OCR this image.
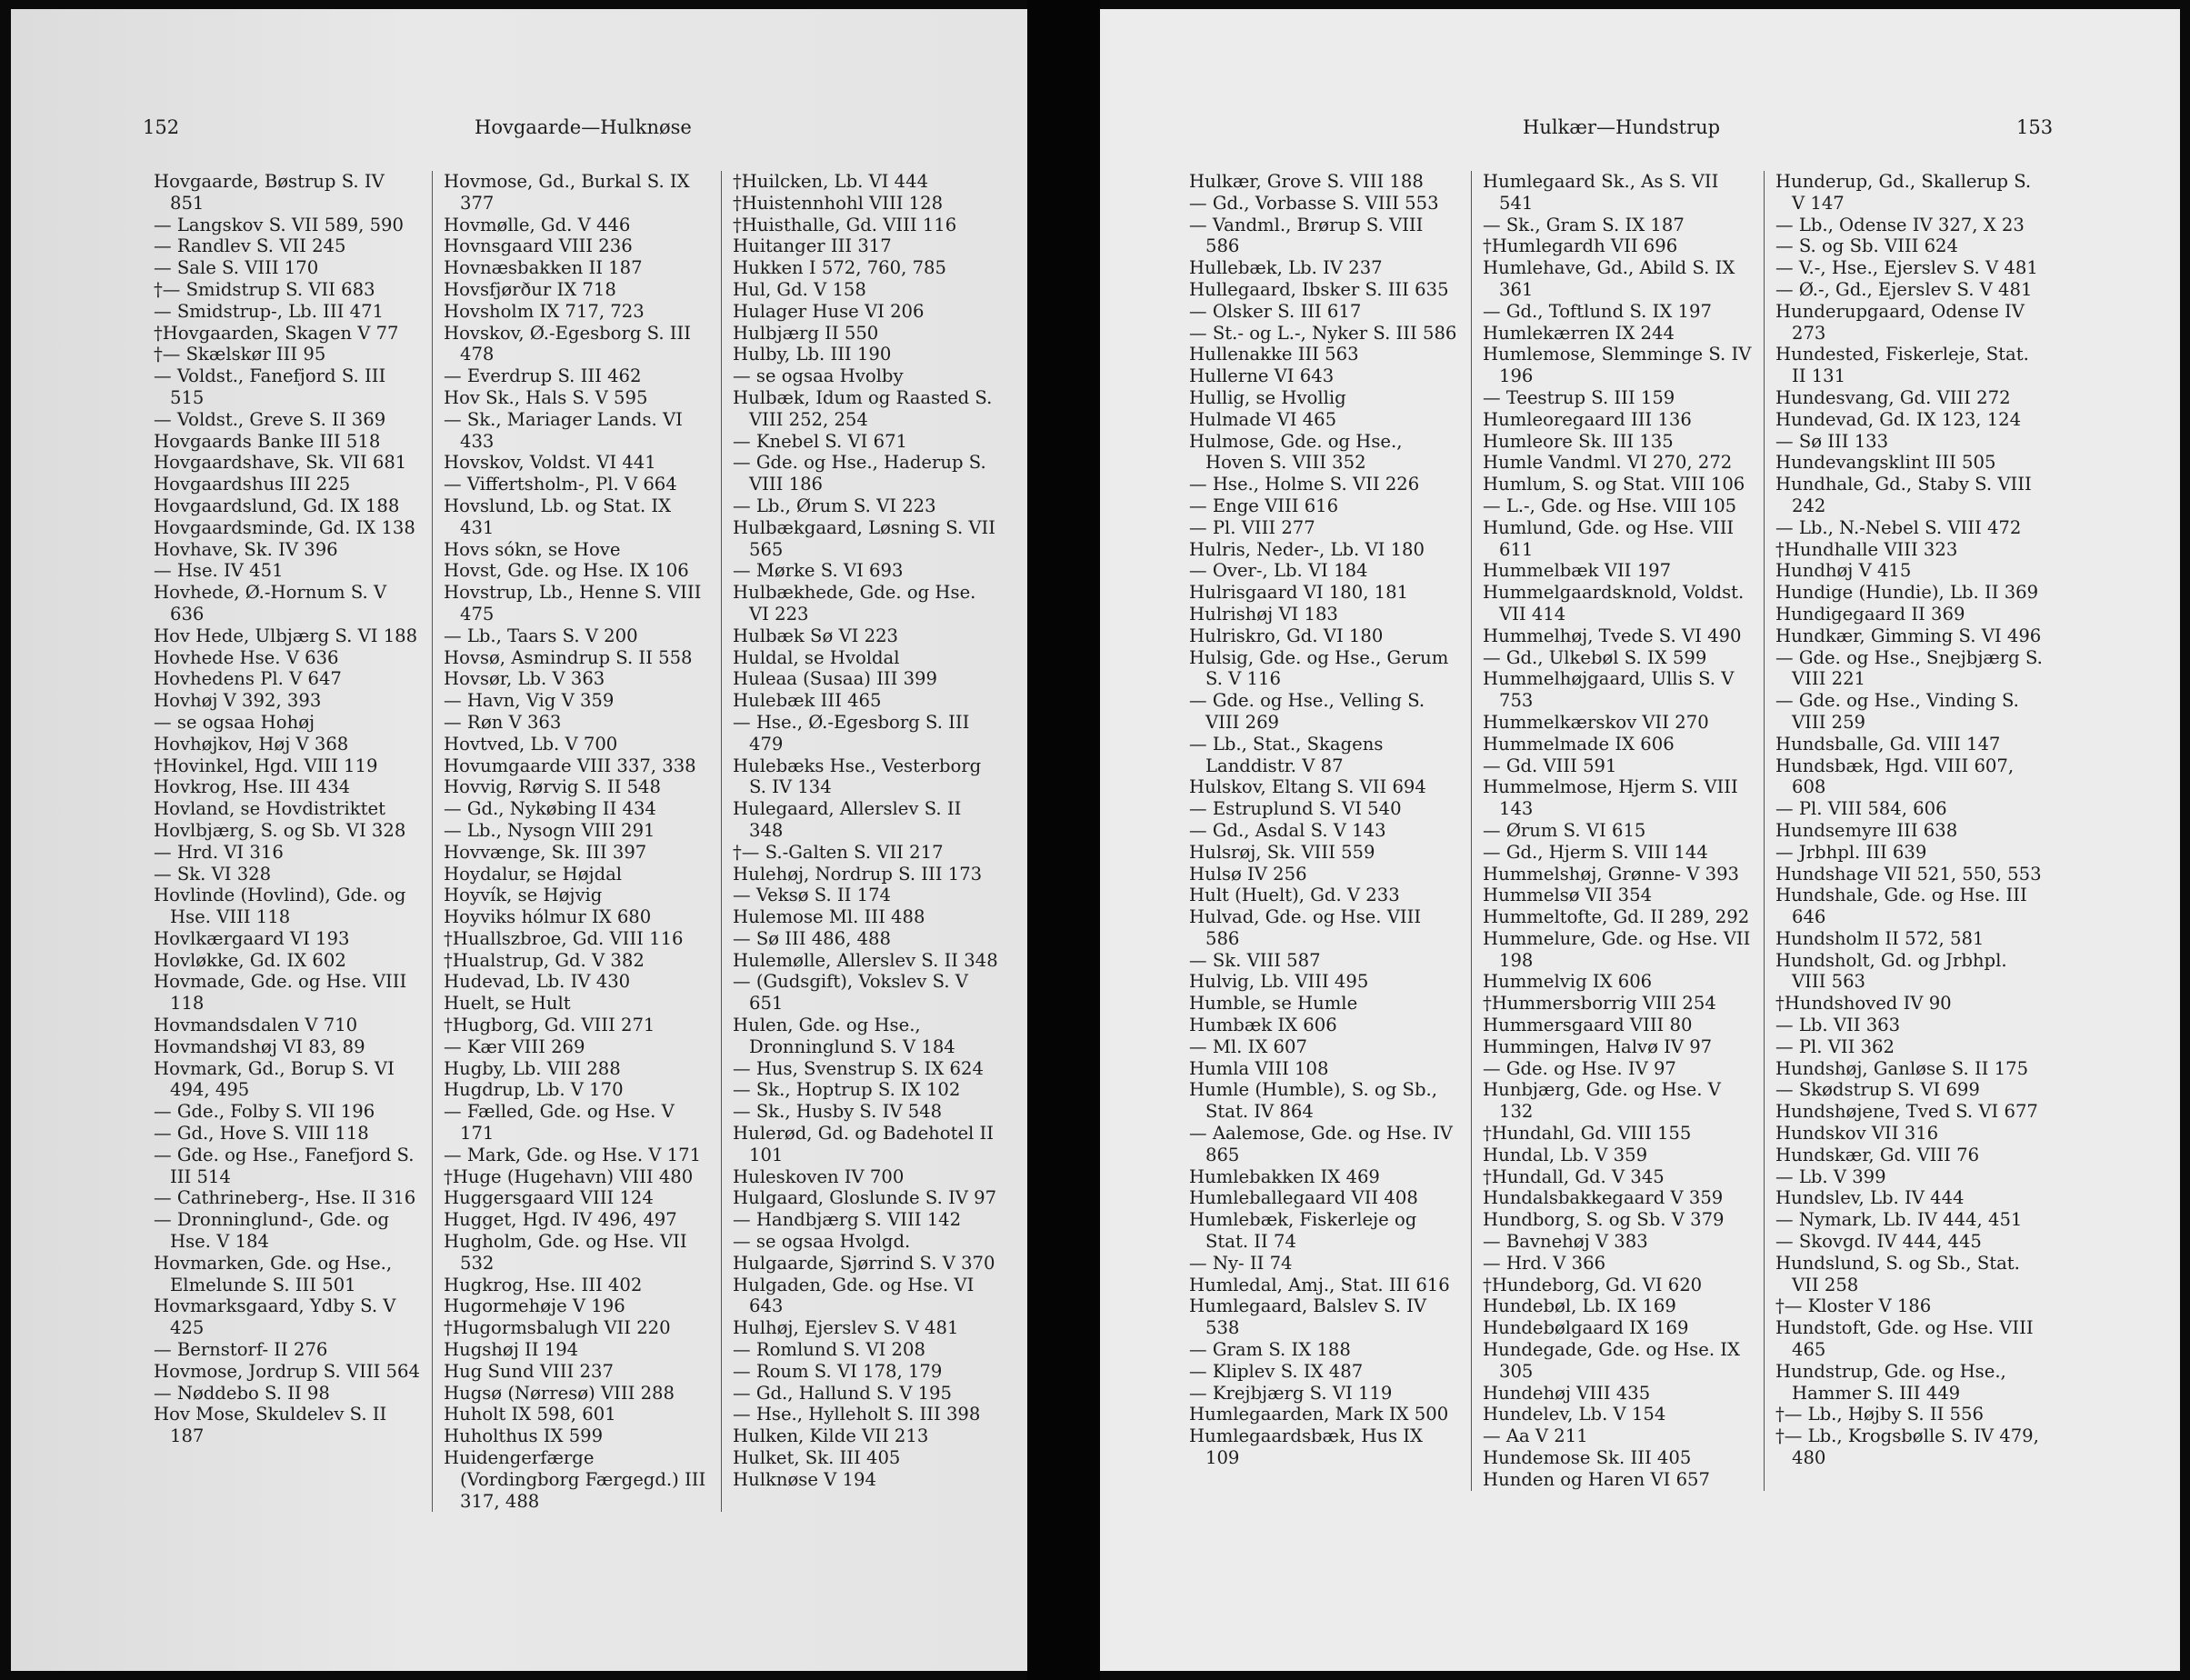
152	Hovgaarde—Hulknøse
Hovgaarde, Bøstrup S. IV 851
— Langskov S. VII 589, 590
— Randlev S. VII 245
— Sale S. VIII 170
†— Smidstrup S. VII 683
— Smidstrup-, Lb. III 471
†Hovgaarden, Skagen V 77
†— Skælskør III 95
— Voldst., Fanefjord S. III 515
— Voldst., Greve S. II 369
Hovgaards Banke III 518
Hovgaardshave, Sk. VII 681
Hovgaardshus III 225
Hovgaardslund, Gd. IX 188
Hovgaardsminde, Gd. IX 138
Hovhave, Sk. IV 396
— Hse. IV 451
Hovhede, Ø.-Hornum S. V 636
Hov Hede, Ulbjærg S. VI 188
Hovhede Hse. V 636
Hovhedens Pl. V 647
Hovhøj V 392, 393
— se ogsaa Hohøj
Hovhøjkov, Høj V 368
†Hovinkel, Hgd. VIII 119
Hovkrog, Hse. III 434
Hovland, se Hovdistriktet
Hovlbjærg, S. og Sb. VI 328
— Hrd. VI 316
— Sk. VI 328
Hovlinde (Hovlind), Gde. og Hse. VIII 118
Hovlkærgaard VI 193
Hovløkke, Gd. IX 602
Hovmade, Gde. og Hse. VIII 118
Hovmandsdalen V 710
Hovmandshøj VI 83, 89
Hovmark, Gd., Borup S. VI 494, 495
— Gde., Folby S. VII 196
— Gd., Hove S. VIII 118
— Gde. og Hse., Fanefjord S. III 514
— Cathrineberg-, Hse. II 316
— Dronninglund-, Gde. og Hse. V 184
Hovmarken, Gde. og Hse., Elmelunde S. III 501
Hovmarksgaard, Ydby S. V 425
— Bernstorf- II 276
Hovmose, Jordrup S. VIII 564
— Nøddebo S. II 98
Hov Mose, Skuldelev S. II 187
Hovmose, Gd., Burkal S. IX 377
Hovmølle, Gd. V 446
Hovnsgaard VIII 236
Hovnæsbakken II 187
Hovsfjørður IX 718
Hovsholm IX 717, 723
Hovskov, Ø.-Egesborg S. III 478
— Everdrup S. III 462
Hov Sk., Hals S. V 595
— Sk., Mariager Lands. VI 433
Hovskov, Voldst. VI 441
— Viffertsholm-, Pl. V 664
Hovslund, Lb. og Stat. IX 431
Hovs sókn, se Hove
Hovst, Gde. og Hse. IX 106
Hovstrup, Lb., Henne S. VIII 475
— Lb., Taars S. V 200
Hovsø, Asmindrup S. II 558
Hovsør, Lb. V 363
— Havn, Vig V 359
— Røn V 363
Hovtved, Lb. V 700
Hovumgaarde VIII 337, 338
Hovvig, Rørvig S. II 548
— Gd., Nykøbing II 434
— Lb., Nysogn VIII 291
Hovvænge, Sk. III 397
Hoydalur, se Højdal
Hoyvík, se Højvig
Hoyviks hólmur IX 680
†Huallszbroe, Gd. VIII 116
†Hualstrup, Gd. V 382
Hudevad, Lb. IV 430
Huelt, se Hult
†Hugborg, Gd. VIII 271
— Kær VIII 269
Hugby, Lb. VIII 288
Hugdrup, Lb. V 170
— Fælled, Gde. og Hse. V 171
— Mark, Gde. og Hse. V 171
†Huge (Hugehavn) VIII 480
Huggersgaard VIII 124
Hugget, Hgd. IV 496, 497
Hugholm, Gde. og Hse. VII 532
Hugkrog, Hse. III 402
Hugormehøje V 196
†Hugormsbalugh VII 220
Hugshøj II 194
Hug Sund VIII 237
Hugsø (Nørresø) VIII 288
Huholt IX 598, 601
Huholthus IX 599
Huidengerfærge (Vordingborg Færgegd.) III 317, 488
†Huilcken, Lb. VI 444
†Huistennhohl VIII 128
†Huisthalle, Gd. VIII 116
Huitanger III 317
Hukken I 572, 760, 785
Hul, Gd. V 158
Hulager Huse VI 206
Hulbjærg II 550
Hulby, Lb. III 190
— se ogsaa Hvolby
Hulbæk, Idum og Raasted S. VIII 252, 254
— Knebel S. VI 671
— Gde. og Hse., Haderup S. VIII 186
— Lb., Ørum S. VI 223
Hulbækgaard, Løsning S. VII 565
— Mørke S. VI 693
Hulbækhede, Gde. og Hse. VI 223
Hulbæk Sø VI 223
Huldal, se Hvoldal
Huleaa (Susaa) III 399
Hulebæk III 465
— Hse., Ø.-Egesborg S. III 479
Hulebæks Hse., Vesterborg S. IV 134
Hulegaard, Allerslev S. II 348
†— S.-Galten S. VII 217
Hulehøj, Nordrup S. III 173
— Veksø S. II 174
Hulemose Ml. III 488
— Sø III 486, 488
Hulemølle, Allerslev S. II 348
— (Gudsgift), Vokslev S. V 651
Hulen, Gde. og Hse., Dronninglund S. V 184
— Hus, Svenstrup S. IX 624
— Sk., Hoptrup S. IX 102
— Sk., Husby S. IV 548
Hulerød, Gd. og Badehotel II 101
Huleskoven IV 700
Hulgaard, Gloslunde S. IV 97
— Handbjærg S. VIII 142
— se ogsaa Hvolgd.
Hulgaarde, Sjørrind S. V 370
Hulgaden, Gde. og Hse. VI 643
Hulhøj, Ejerslev S. V 481
— Romlund S. VI 208
— Roum S. VI 178, 179
— Gd., Hallund S. V 195
— Hse., Hylleholt S. III 398
Hulken, Kilde VII 213
Hulket, Sk. III 405
Hulknøse V 194
Hulkær—Hundstrup	153
Hulkær, Grove S. VIII 188
— Gd., Vorbasse S. VIII 553
— Vandml., Brørup S. VIII 586
Hullebæk, Lb. IV 237
Hullegaard, Ibsker S. III 635
— Olsker S. III 617
— St.- og L.-, Nyker S. III 586
Hullenakke III 563
Hullerne VI 643
Hullig, se Hvollig
Hulmade VI 465
Hulmose, Gde. og Hse., Hoven S. VIII 352
— Hse., Holme S. VII 226
— Enge VIII 616
— Pl. VIII 277
Hulris, Neder-, Lb. VI 180
— Over-, Lb. VI 184
Hulrisgaard VI 180, 181
Hulrishøj VI 183
Hulriskro, Gd. VI 180
Hulsig, Gde. og Hse., Gerum S. V 116
— Gde. og Hse., Velling S. VIII 269
— Lb., Stat., Skagens Landdistr. V 87
Hulskov, Eltang S. VII 694
— Estruplund S. VI 540
— Gd., Asdal S. V 143
Hulsrøj, Sk. VIII 559
Hulsø IV 256
Hult (Huelt), Gd. V 233
Hulvad, Gde. og Hse. VIII 586
— Sk. VIII 587
Hulvig, Lb. VIII 495
Humble, se Humle
Humbæk IX 606
— Ml. IX 607
Humla VIII 108
Humle (Humble), S. og Sb., Stat. IV 864
— Aalemose, Gde. og Hse. IV 865
Humlebakken IX 469
Humleballegaard VII 408
Humlebæk, Fiskerleje og Stat. II 74
— Ny- II 74
Humledal, Amj., Stat. III 616
Humlegaard, Balslev S. IV 538
— Gram S. IX 188
— Kliplev S. IX 487
— Krejbjærg S. VI 119
Humlegaarden, Mark IX 500
Humlegaardsbæk, Hus IX 109
Humlegaard Sk., As S. VII 541
— Sk., Gram S. IX 187
†Humlegardh VII 696
Humlehave, Gd., Abild S. IX 361
— Gd., Toftlund S. IX 197
Humlekærren IX 244
Humlemose, Slemminge S. IV 196
— Teestrup S. III 159
Humleoregaard III 136
Humleore Sk. III 135
Humle Vandml. VI 270, 272
Humlum, S. og Stat. VIII 106
— L.-, Gde. og Hse. VIII 105
Humlund, Gde. og Hse. VIII 611
Hummelbæk VII 197
Hummelgaardsknold, Voldst. VII 414
Hummelhøj, Tvede S. VI 490
— Gd., Ulkebøl S. IX 599
Hummelhøjgaard, Ullis S. V 753
Hummelkærskov VII 270
Hummelmade IX 606
— Gd. VIII 591
Hummelmose, Hjerm S. VIII 143
— Ørum S. VI 615
— Gd., Hjerm S. VIII 144
Hummelshøj, Grønne- V 393
Hummelsø VII 354
Hummeltofte, Gd. II 289, 292
Hummelure, Gde. og Hse. VII 198
Hummelvig IX 606
†Hummersborrig VIII 254
Hummersgaard VIII 80
Hummingen, Halvø IV 97
— Gde. og Hse. IV 97
Hunbjærg, Gde. og Hse. V 132
†Hundahl, Gd. VIII 155
Hundal, Lb. V 359
†Hundall, Gd. V 345
Hundalsbakkegaard V 359
Hundborg, S. og Sb. V 379
— Bavnehøj V 383
— Hrd. V 366
†Hundeborg, Gd. VI 620
Hundebøl, Lb. IX 169
Hundebølgaard IX 169
Hundegade, Gde. og Hse. IX 305
Hundehøj VIII 435
Hundelev, Lb. V 154
— Aa V 211
Hundemose Sk. III 405
Hunden og Haren VI 657
Hunderup, Gd., Skallerup S. V 147
— Lb., Odense IV 327, X 23
— S. og Sb. VIII 624
— V.-, Hse., Ejerslev S. V 481
— Ø.-, Gd., Ejerslev S. V 481
Hunderupgaard, Odense IV 273
Hundested, Fiskerleje, Stat. II 131
Hundesvang, Gd. VIII 272
Hundevad, Gd. IX 123, 124
— Sø III 133
Hundevangsklint III 505
Hundhale, Gd., Staby S. VIII 242
— Lb., N.-Nebel S. VIII 472
†Hundhalle VIII 323
Hundhøj V 415
Hundige (Hundie), Lb. II 369
Hundigegaard II 369
Hundkær, Gimming S. VI 496
— Gde. og Hse., Snejbjærg S. VIII 221
— Gde. og Hse., Vinding S. VIII 259
Hundsballe, Gd. VIII 147
Hundsbæk, Hgd. VIII 607, 608
— Pl. VIII 584, 606
Hundsemyre III 638
— Jrbhpl. III 639
Hundshage VII 521, 550, 553
Hundshale, Gde. og Hse. III 646
Hundsholm II 572, 581
Hundsholt, Gd. og Jrbhpl. VIII 563
†Hundshoved IV 90
— Lb. VII 363
— Pl. VII 362
Hundshøj, Ganløse S. II 175
— Skødstrup S. VI 699
Hundshøjene, Tved S. VI 677
Hundskov VII 316
Hundskær, Gd. VIII 76
— Lb. V 399
Hundslev, Lb. IV 444
— Nymark, Lb. IV 444, 451
— Skovgd. IV 444, 445
Hundslund, S. og Sb., Stat. VII 258
†— Kloster V 186
Hundstoft, Gde. og Hse. VIII 465
Hundstrup, Gde. og Hse., Hammer S. III 449
†— Lb., Højby S. II 556
†— Lb., Krogsbølle S. IV 479, 480
